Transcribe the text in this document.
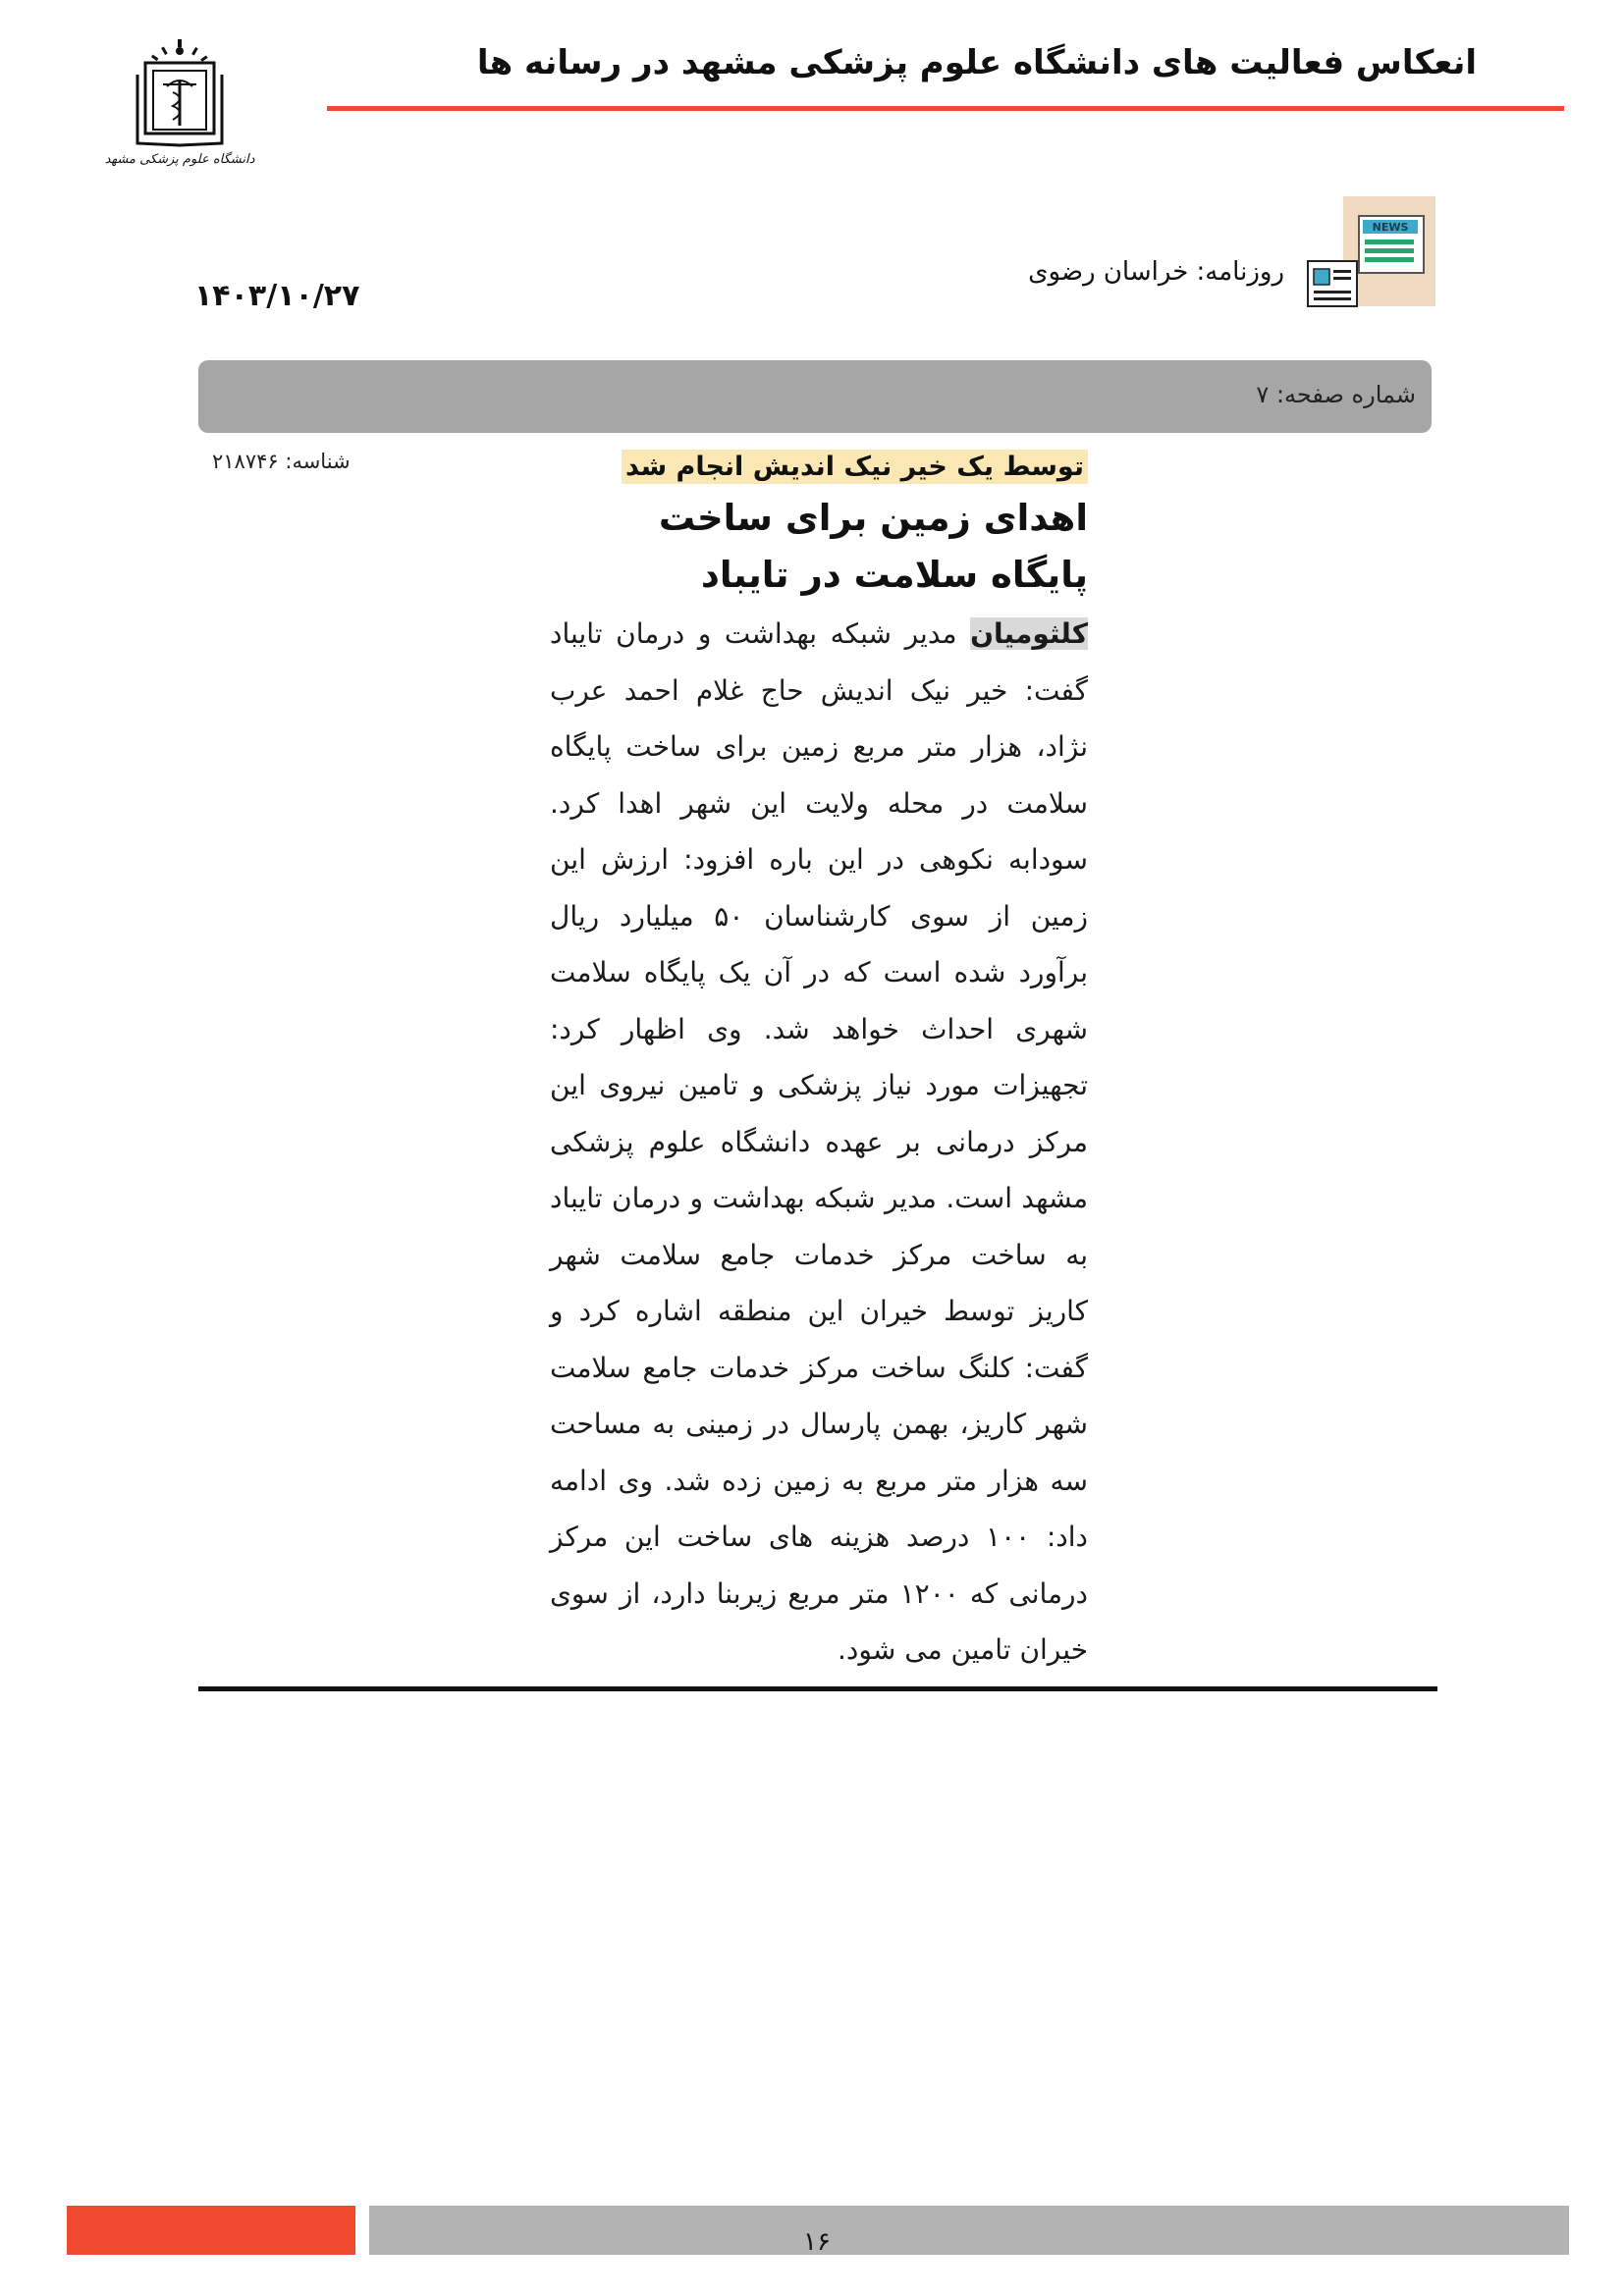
دانشگاه علوم پزشکی مشهد
انعکاس فعالیت های دانشگاه علوم پزشکی مشهد در رسانه ها
NEWS
روزنامه: خراسان رضوی
۱۴۰۳/۱۰/۲۷
شماره صفحه: ۷
شناسه: ۲۱۸۷۴۶	توسط یک خیر نیک اندیش انجام شد
اهدای زمین برای ساخت پایگاه سلامت در تایباد
کلثومیان مدیر شبکه بهداشت و درمان تایباد گفت: خیر نیک اندیش حاج غلام احمد عرب نژاد، هزار متر مربع زمین برای ساخت پایگاه سلامت در محله ولایت این شهر اهدا کرد. سودابه نکوهی در این باره افزود: ارزش این زمین از سوی کارشناسان ۵۰ میلیارد ریال برآورد شده است که در آن یک پایگاه سلامت شهری احداث خواهد شد. وی اظهار کرد: تجهیزات مورد نیاز پزشکی و تامین نیروی این مرکز درمانی بر عهده دانشگاه علوم پزشکی مشهد است. مدیر شبکه بهداشت و درمان تایباد به ساخت مرکز خدمات جامع سلامت شهر کاریز توسط خیران این منطقه اشاره کرد و گفت: کلنگ ساخت مرکز خدمات جامع سلامت شهر کاریز، بهمن پارسال در زمینی به مساحت سه هزار متر مربع به زمین زده شد. وی ادامه داد: ۱۰۰ درصد هزینه های ساخت این مرکز درمانی که ۱۲۰۰ متر مربع زیربنا دارد، از سوی خیران تامین می شود.
۱۶
